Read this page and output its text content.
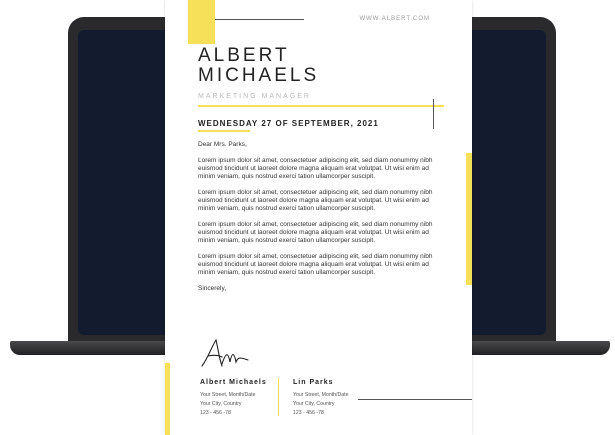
WWW.ALBERT.COM
ALBERT
MICHAELS
MARKETING MANAGER
WEDNESDAY 27 OF SEPTEMBER, 2021

Dear Mrs. Parks,

Lorem ipsum dolor sit amet, consectetuer adipiscing elit, sed diam nonummy nibh euismod tincidunt ut laoreet dolore magna aliquam erat volutpat. Ut wisi enim ad minim veniam, quis nostrud exerci tation ullamcorper suscipit.

Lorem ipsum dolor sit amet, consectetuer adipiscing elit, sed diam nonummy nibh euismod tincidunt ut laoreet dolore magna aliquam erat volutpat. Ut wisi enim ad minim veniam, quis nostrud exerci tation ullamcorper suscipit.

Lorem ipsum dolor sit amet, consectetuer adipiscing elit, sed diam nonummy nibh euismod tincidunt ut laoreet dolore magna aliquam erat volutpat. Ut wisi enim ad minim veniam, quis nostrud exerci tation ullamcorper suscipit.

Lorem ipsum dolor sit amet, consectetuer adipiscing elit, sed diam nonummy nibh euismod tincidunt ut laoreet dolore magna aliquam erat volutpat. Ut wisi enim ad minim veniam, quis nostrud exerci tation ullamcorper suscipit.

Sincerely,

Albert Michaels
Your Street, Month/Date
Your City, Country
123 - 456 -78
Lin Parks
Your Street, Month/Date
Your City, Country
123 - 456 -78
